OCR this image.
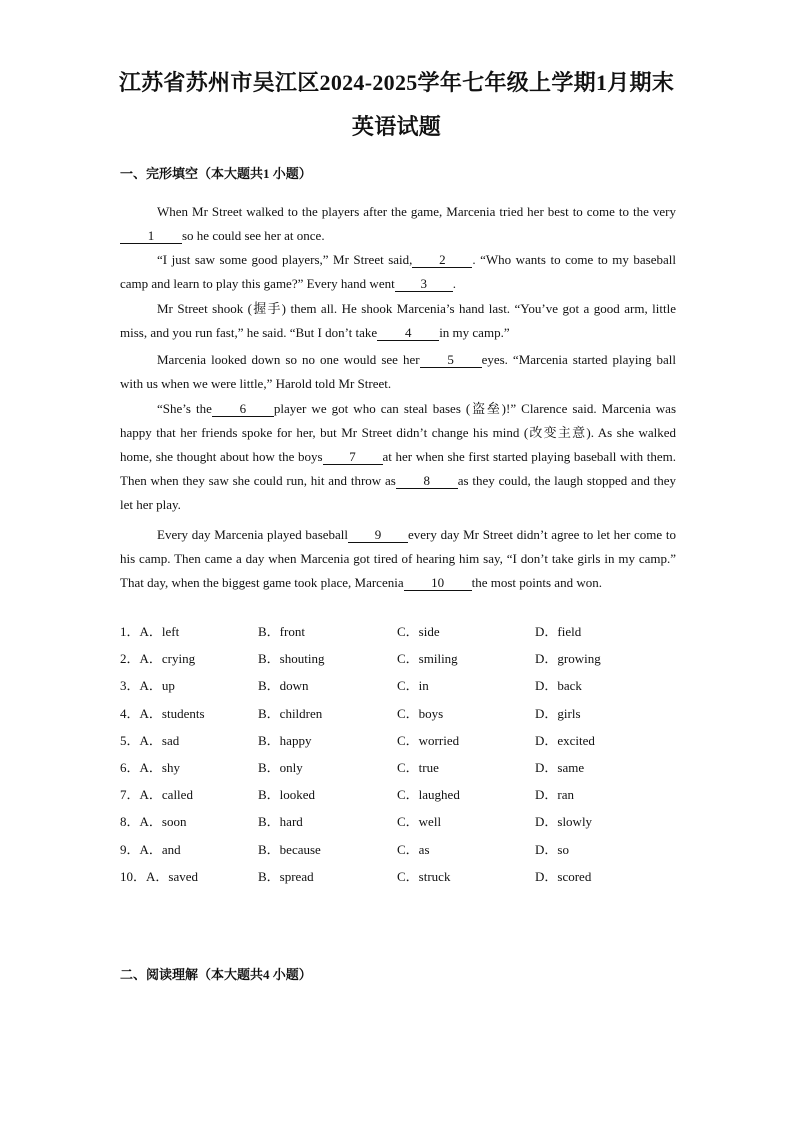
江苏省苏州市吴江区2024-2025学年七年级上学期1月期末
英语试题
一、完形填空（本大题共1 小题）
When Mr Street walked to the players after the game, Marcenia tried her best to come to the very1 so he could see her at once.
“I just saw some good players,” Mr Street said, 2 . “Who wants to come to my baseball camp and learn to play this game?” Every hand went 3 .
Mr Street shook (握手) them all. He shook Marcenia’s hand last. “You’ve got a good arm, little miss, and you run fast,” he said. “But I don’t take 4 in my camp.”
Marcenia looked down so no one would see her 5 eyes. “Marcenia started playing ball with us when we were little,” Harold told Mr Street.
“She’s the 6 player we got who can steal bases (盗垒)!” Clarence said. Marcenia was happy that her friends spoke for her, but Mr Street didn’t change his mind (改变主意). As she walked home, she thought about how the boys 7 at her when she first started playing baseball with them. Then when they saw she could run, hit and throw as 8 as they could, the laugh stopped and they let her play.
Every day Marcenia played baseball 9 every day Mr Street didn’t agree to let her come to his camp. Then came a day when Marcenia got tired of hearing him say, “I don’t take girls in my camp.” That day, when the biggest game took place, Marcenia 10 the most points and won.
1．A．left	B．front	C．side	D．field
2．A．crying	B．shouting	C．smiling	D．growing
3．A．up	B．down	C．in	D．back
4．A．students	B．children	C．boys	D．girls
5．A．sad	B．happy	C．worried	D．excited
6．A．shy	B．only	C．true	D．same
7．A．called	B．looked	C．laughed	D．ran
8．A．soon	B．hard	C．well	D．slowly
9．A．and	B．because	C．as	D．so
10．A．saved	B．spread	C．struck	D．scored
二、阅读理解（本大题共4 小题）
